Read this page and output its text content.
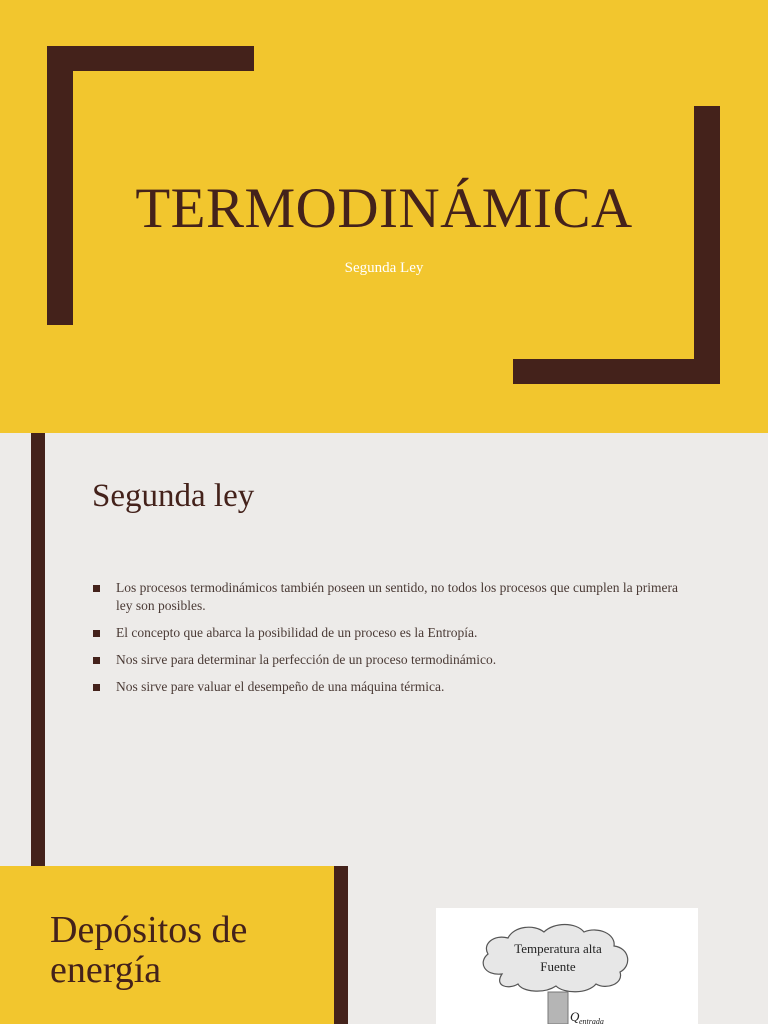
TERMODINÁMICA
Segunda Ley
Segunda ley
Los procesos termodinámicos también poseen un sentido, no todos los procesos que cumplen la primera ley son posibles.
El concepto que abarca la posibilidad de un proceso es la Entropía.
Nos sirve para determinar la perfección de un proceso termodinámico.
Nos sirve pare valuar el desempeño de una máquina térmica.
Depósitos de energía
Temperatura alta
Fuente
Q entrada
